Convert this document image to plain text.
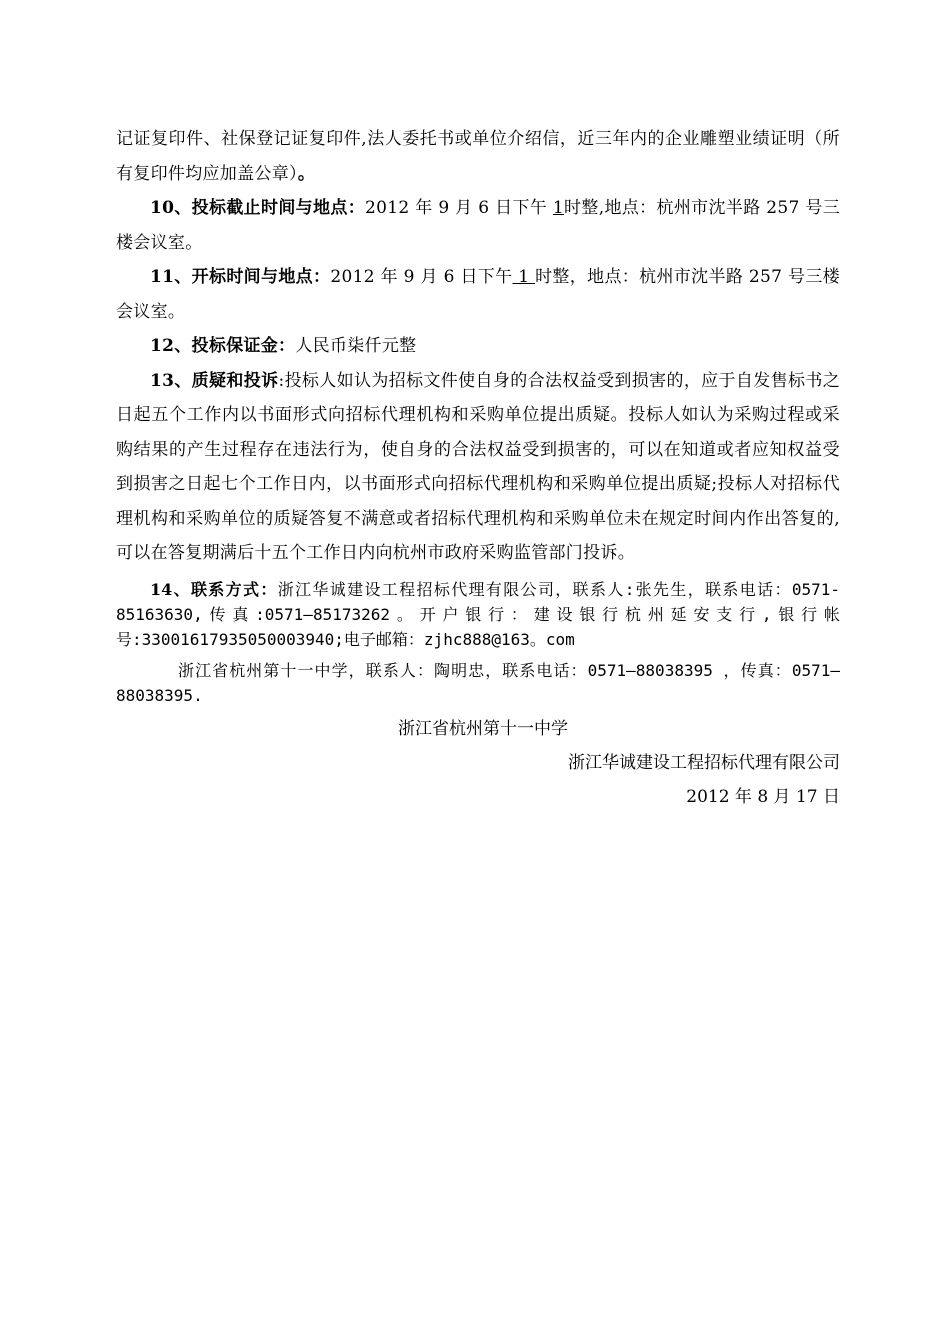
记证复印件、社保登记证复印件,法人委托书或单位介绍信，近三年内的企业雕塑业绩证明（所有复印件均应加盖公章）。

10、投标截止时间与地点：2012 年 9 月 6 日下午 1时整,地点：杭州市沈半路 257 号三楼会议室。

11、开标时间与地点：2012 年 9 月 6 日下午 1 时整，地点：杭州市沈半路 257 号三楼会议室。

12、投标保证金：人民币柒仟元整

13、质疑和投诉:投标人如认为招标文件使自身的合法权益受到损害的，应于自发售标书之日起五个工作内以书面形式向招标代理机构和采购单位提出质疑。投标人如认为采购过程或采购结果的产生过程存在违法行为，使自身的合法权益受到损害的，可以在知道或者应知权益受到损害之日起七个工作日内，以书面形式向招标代理机构和采购单位提出质疑;投标人对招标代理机构和采购单位的质疑答复不满意或者招标代理机构和采购单位未在规定时间内作出答复的,可以在答复期满后十五个工作日内向杭州市政府采购监管部门投诉。

14、联系方式：浙江华诚建设工程招标代理有限公司，联系人:张先生，联系电话：0571-85163630,传真:0571—85173262。开户银行：建设银行杭州延安支行,银行帐号:33001617935050003940;电子邮箱：zjhc888@163。com

浙江省杭州第十一中学，联系人：陶明忠，联系电话：0571—88038395 ，传真：0571—88038395.

浙江省杭州第十一中学

浙江华诚建设工程招标代理有限公司

2012 年 8 月 17 日
